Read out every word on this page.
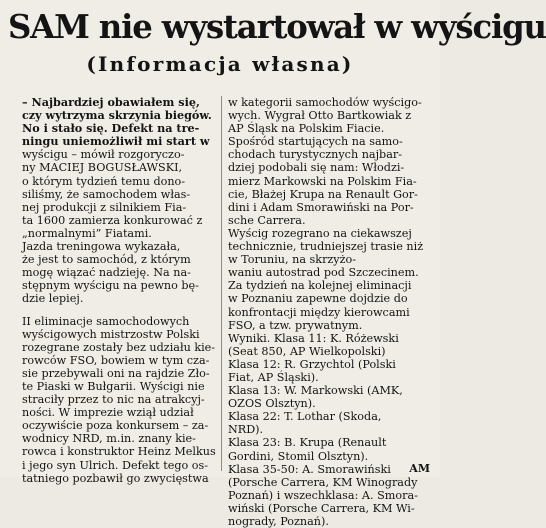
SAM nie wystartował w wyścigu
(Informacja własna)
– Najbardziej obawiałem się,
czy wytrzyma skrzynia biegów.
No i stało się. Defekt na tre-
ningu uniemożliwił mi start w
wyścigu – mówił rozgoryczo-
ny MACIEJ BOGUSŁAWSKI,
o którym tydzień temu dono-
siliśmy, że samochodem włas-
nej produkcji z silnikiem Fia-
ta 1600 zamierza konkurować z
„normalnymi” Fiatami.
Jazda treningowa wykazała,
że jest to samochód, z którym
mogę wiązać nadzieję. Na na-
stępnym wyścigu na pewno bę-
dzie lepiej.
II eliminacje samochodowych
wyścigowych mistrzostw Polski
rozegrane zostały bez udziału kie-
rowców FSO, bowiem w tym cza-
sie przebywali oni na rajdzie Zło-
te Piaski w Bułgarii. Wyścigi nie
straciły przez to nic na atrakcyj-
ności. W imprezie wziął udział
oczywiście poza konkursem – za-
wodnicy NRD, m.in. znany kie-
rowca i konstruktor Heinz Melkus
i jego syn Ulrich. Defekt tego os-
tatniego pozbawił go zwycięstwa
w kategorii samochodów wyścigo-
wych. Wygrał Otto Bartkowiak z
AP Śląsk na Polskim Fiacie.
Spośród startujących na samo-
chodach turystycznych najbar-
dziej podobali się nam: Włodzi-
mierz Markowski na Polskim Fia-
cie, Błażej Krupa na Renault Gor-
dini i Adam Smorawiński na Por-
sche Carrera.
Wyścig rozegrano na ciekawszej
technicznie, trudniejszej trasie niż
w Toruniu, na skrzyżo-
waniu autostrad pod Szczecinem.
Za tydzień na kolejnej eliminacji
w Poznaniu zapewne dojdzie do
konfrontacji między kierowcami
FSO, a tzw. prywatnym.
Wyniki. Klasa 11: K. Różewski
(Seat 850, AP Wielkopolski)
Klasa 12: R. Grzychtol (Polski
Fiat, AP Śląski).
Klasa 13: W. Markowski (AMK,
OZOS Olsztyn).
Klasa 22: T. Lothar (Skoda,
NRD).
Klasa 23: B. Krupa (Renault
Gordini, Stomil Olsztyn).
Klasa 35-50: A. Smorawiński
(Porsche Carrera, KM Winogrady
Poznań) i wszechklasa: A. Smora-
wiński (Porsche Carrera, KM Wi-
nogrady, Poznań).
AM
